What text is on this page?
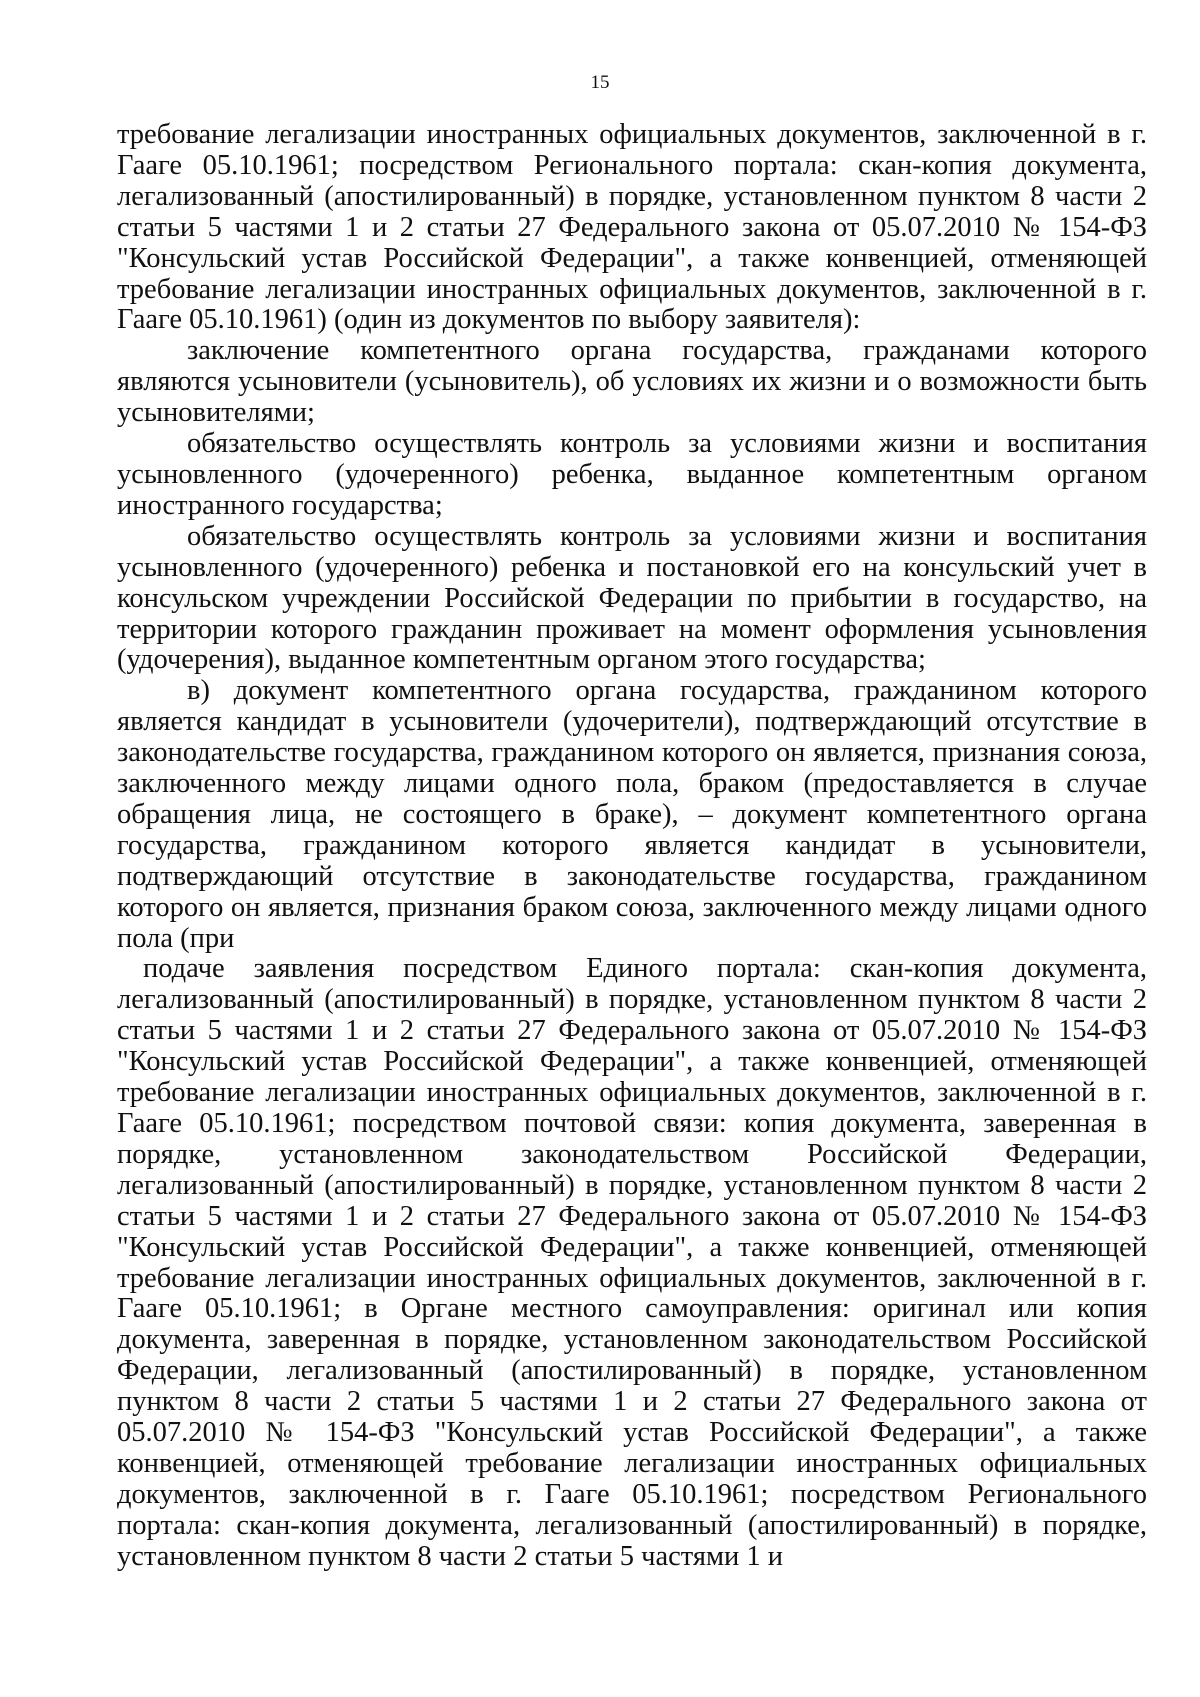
15

требование легализации иностранных официальных документов, заключенной в г. Гааге 05.10.1961; посредством Регионального портала: скан-копия документа, легализованный (апостилированный) в порядке, установленном пунктом 8 части 2 статьи 5 частями 1 и 2 статьи 27 Федерального закона от 05.07.2010 № 154-ФЗ "Консульский устав Российской Федерации", а также конвенцией, отменяющей требование легализации иностранных официальных документов, заключенной в г. Гааге 05.10.1961) (один из документов по выбору заявителя):

заключение компетентного органа государства, гражданами которого являются усыновители (усыновитель), об условиях их жизни и о возможности быть усыновителями;

обязательство осуществлять контроль за условиями жизни и воспитания усыновленного (удочеренного) ребенка, выданное компетентным органом иностранного государства;

обязательство осуществлять контроль за условиями жизни и воспитания усыновленного (удочеренного) ребенка и постановкой его на консульский учет в консульском учреждении Российской Федерации по прибытии в государство, на территории которого гражданин проживает на момент оформления усыновления (удочерения), выданное компетентным органом этого государства;

в) документ компетентного органа государства, гражданином которого является кандидат в усыновители (удочерители), подтверждающий отсутствие в законодательстве государства, гражданином которого он является, признания союза, заключенного между лицами одного пола, браком (предоставляется в случае обращения лица, не состоящего в браке), – документ компетентного органа государства, гражданином которого является кандидат в усыновители, подтверждающий отсутствие в законодательстве государства, гражданином которого он является, признания браком союза, заключенного между лицами одного пола (при

подаче заявления посредством Единого портала: скан-копия документа, легализованный (апостилированный) в порядке, установленном пунктом 8 части 2 статьи 5 частями 1 и 2 статьи 27 Федерального закона от 05.07.2010 № 154-ФЗ "Консульский устав Российской Федерации", а также конвенцией, отменяющей требование легализации иностранных официальных документов, заключенной в г. Гааге 05.10.1961; посредством почтовой связи: копия документа, заверенная в порядке, установленном законодательством Российской Федерации, легализованный (апостилированный) в порядке, установленном пунктом 8 части 2 статьи 5 частями 1 и 2 статьи 27 Федерального закона от 05.07.2010 № 154-ФЗ "Консульский устав Российской Федерации", а также конвенцией, отменяющей требование легализации иностранных официальных документов, заключенной в г. Гааге 05.10.1961; в Органе местного самоуправления: оригинал или копия документа, заверенная в порядке, установленном законодательством Российской Федерации, легализованный (апостилированный) в порядке, установленном пунктом 8 части 2 статьи 5 частями 1 и 2 статьи 27 Федерального закона от 05.07.2010 № 154-ФЗ "Консульский устав Российской Федерации", а также конвенцией, отменяющей требование легализации иностранных официальных документов, заключенной в г. Гааге 05.10.1961; посредством Регионального портала: скан-копия документа, легализованный (апостилированный) в порядке, установленном пунктом 8 части 2 статьи 5 частями 1 и
